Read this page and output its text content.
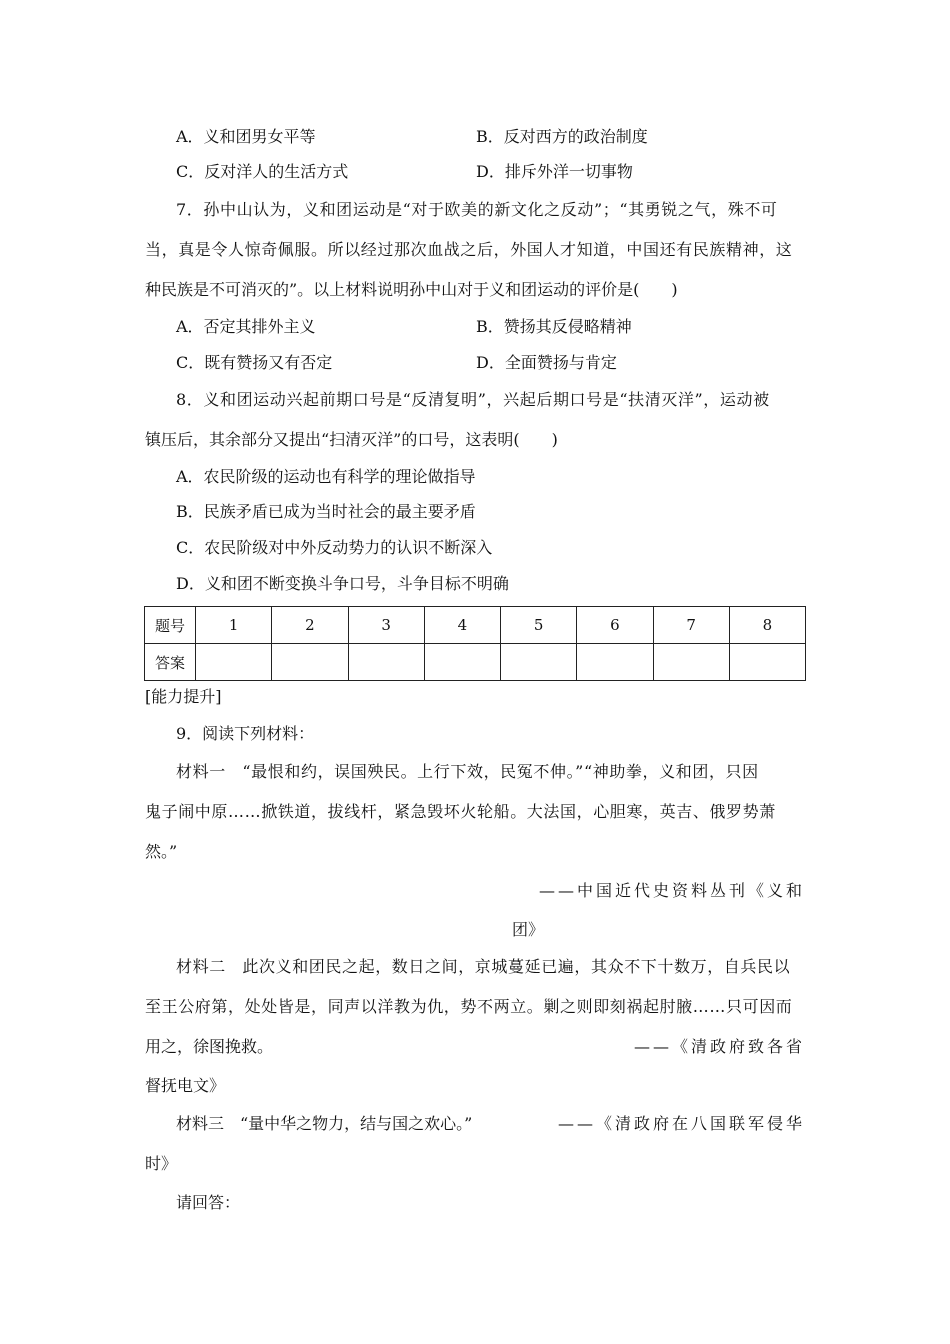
A．义和团男女平等	B．反对西方的政治制度
C．反对洋人的生活方式	D．排斥外洋一切事物
7．孙中山认为，义和团运动是“对于欧美的新文化之反动”；“其勇锐之气，殊不可
当，真是令人惊奇佩服。所以经过那次血战之后，外国人才知道，中国还有民族精神，这
种民族是不可消灭的”。以上材料说明孙中山对于义和团运动的评价是(　　)
A．否定其排外主义	B．赞扬其反侵略精神
C．既有赞扬又有否定	D．全面赞扬与肯定
8．义和团运动兴起前期口号是“反清复明”，兴起后期口号是“扶清灭洋”，运动被
镇压后，其余部分又提出“扫清灭洋”的口号，这表明(　　)
A．农民阶级的运动也有科学的理论做指导
B．民族矛盾已成为当时社会的最主要矛盾
C．农民阶级对中外反动势力的认识不断深入
D．义和团不断变换斗争口号，斗争目标不明确
题号	1	2	3	4	5	6	7	8
答案								
[能力提升]
9．阅读下列材料：
材料一　“最恨和约，误国殃民。上行下效，民冤不伸。”“神助拳，义和团，只因
鬼子闹中原……掀铁道，拔线杆，紧急毁坏火轮船。大法国，心胆寒，英吉、俄罗势萧
然。”
——中国近代史资料丛刊《义和
团》
材料二　此次义和团民之起，数日之间，京城蔓延已遍，其众不下十数万，自兵民以
至王公府第，处处皆是，同声以洋教为仇，势不两立。剿之则即刻祸起肘腋……只可因而
用之，徐图挽救。	——《清政府致各省
督抚电文》
材料三　“量中华之物力，结与国之欢心。”	——《清政府在八国联军侵华
时》
请回答：
